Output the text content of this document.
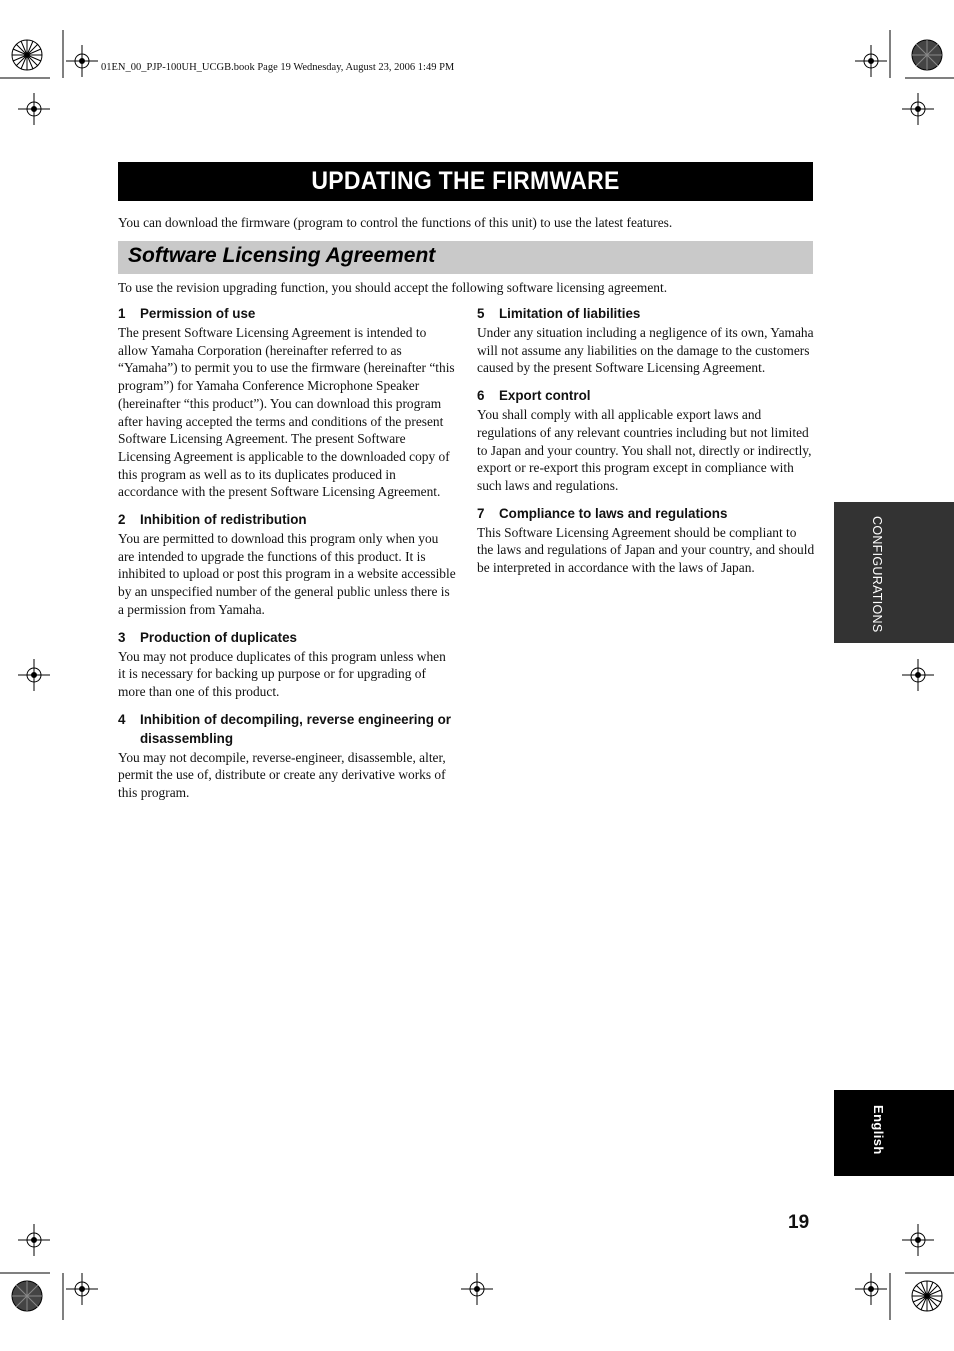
01EN_00_PJP-100UH_UCGB.book Page 19 Wednesday, August 23, 2006 1:49 PM
UPDATING THE FIRMWARE
You can download the firmware (program to control the functions of this unit) to use the latest features.
Software Licensing Agreement
To use the revision upgrading function, you should accept the following software licensing agreement.
1	Permission of use
The present Software Licensing Agreement is intended to allow Yamaha Corporation (hereinafter referred to as “Yamaha”) to permit you to use the firmware (hereinafter “this program”) for Yamaha Conference Microphone Speaker (hereinafter “this product”). You can download this program after having accepted the terms and conditions of the present Software Licensing Agreement. The present Software Licensing Agreement is applicable to the downloaded copy of this program as well as to its duplicates produced in accordance with the present Software Licensing Agreement.
2	Inhibition of redistribution
You are permitted to download this program only when you are intended to upgrade the functions of this product. It is inhibited to upload or post this program in a website accessible by an unspecified number of the general public unless there is a permission from Yamaha.
3	Production of duplicates
You may not produce duplicates of this program unless when it is necessary for backing up purpose or for upgrading of more than one of this product.
4	Inhibition of decompiling, reverse engineering or disassembling
You may not decompile, reverse-engineer, disassemble, alter, permit the use of, distribute or create any derivative works of this program.
5	Limitation of liabilities
Under any situation including a negligence of its own, Yamaha will not assume any liabilities on the damage to the customers caused by the present Software Licensing Agreement.
6	Export control
You shall comply with all applicable export laws and regulations of any relevant countries including but not limited to Japan and your country. You shall not, directly or indirectly, export or re-export this program except in compliance with such laws and regulations.
7	Compliance to laws and regulations
This Software Licensing Agreement should be compliant to the laws and regulations of Japan and your country, and should be interpreted in accordance with the laws of Japan.	CONFIGURATIONS
English
19
